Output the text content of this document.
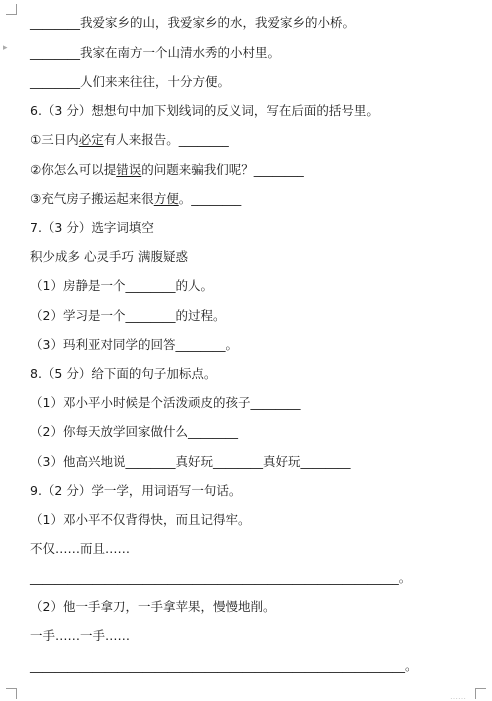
▸
________我爱家乡的山，我爱家乡的水，我爱家乡的小桥。
________我家在南方一个山清水秀的小村里。
________人们来来往往，十分方便。
6.（3 分）想想句中加下划线词的反义词，写在后面的括号里。
①三日内必定有人来报告。________
②你怎么可以提错误的问题来骗我们呢？________
③充气房子搬运起来很方便。________
7.（3 分）选字词填空
积少成多 心灵手巧 满腹疑惑
（1）房静是一个________的人。
（2）学习是一个________的过程。
（3）玛利亚对同学的回答________。
8.（5 分）给下面的句子加标点。
（1）邓小平小时候是个活泼顽皮的孩子________
（2）你每天放学回家做什么________
（3）他高兴地说________真好玩________真好玩________
9.（2 分）学一学，用词语写一句话。
（1）邓小平不仅背得快，而且记得牢。
不仅……而且……
___________________________________________________________。
（2）他一手拿刀，一手拿苹果，慢慢地削。
一手……一手……
____________________________________________________________。
……
